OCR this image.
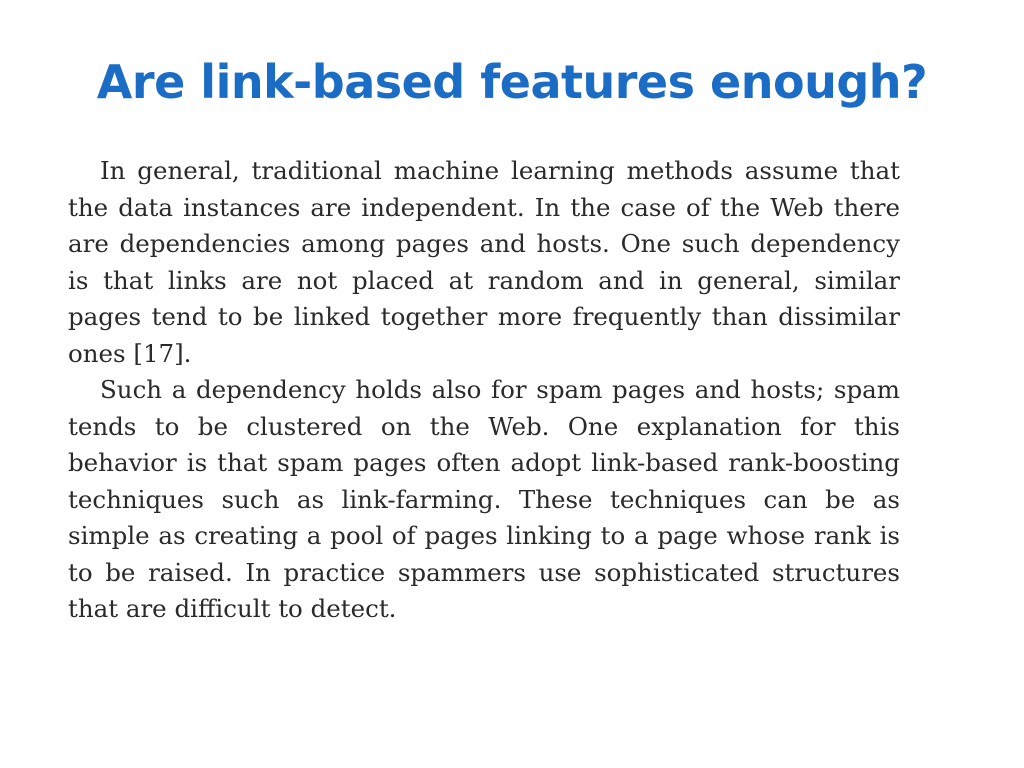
Are link-based features enough?

In general, traditional machine learning methods assume that the data instances are independent. In the case of the Web there are dependencies among pages and hosts. One such dependency is that links are not placed at random and in general, similar pages tend to be linked together more frequently than dissimilar ones [17].

Such a dependency holds also for spam pages and hosts; spam tends to be clustered on the Web. One explanation for this behavior is that spam pages often adopt link-based rank-boosting techniques such as link-farming. These techniques can be as simple as creating a pool of pages linking to a page whose rank is to be raised. In practice spammers use sophisticated structures that are difficult to detect.
